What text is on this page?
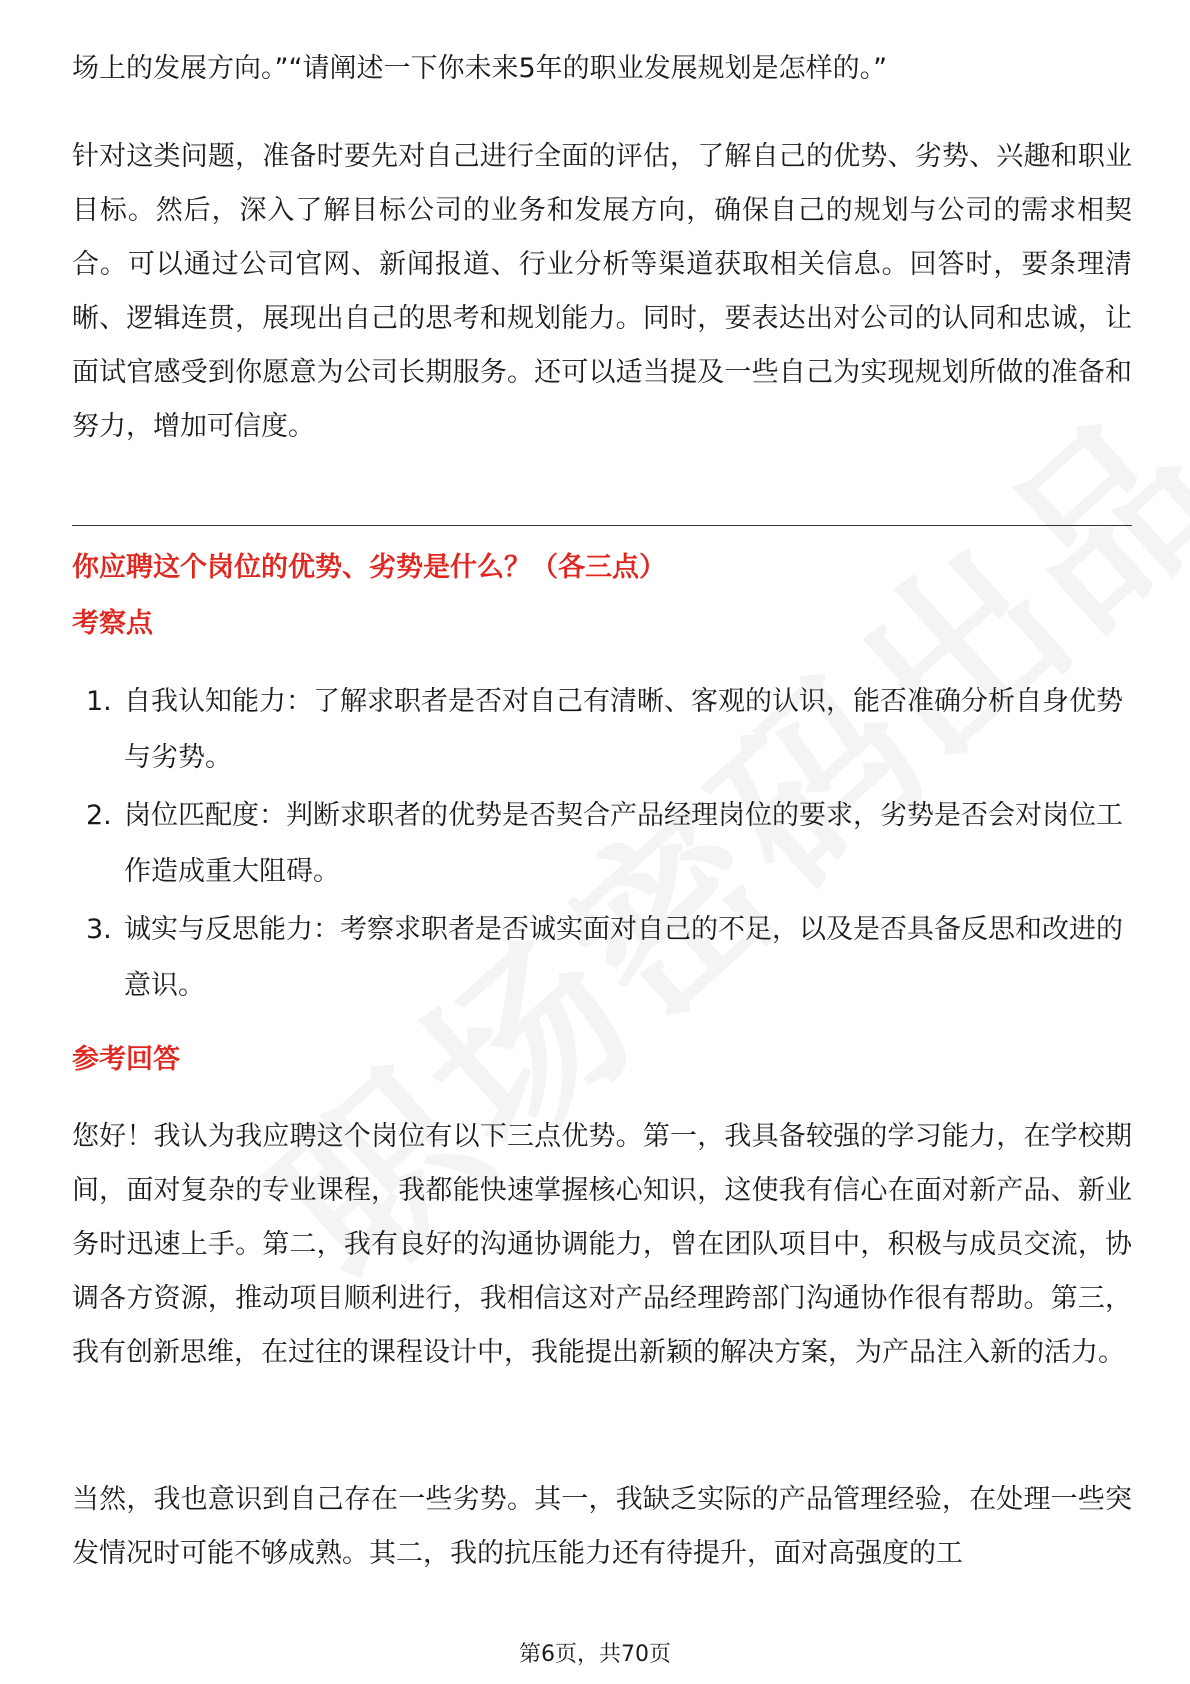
场上的发展方向。”“请阐述一下你未来5年的职业发展规划是怎样的。”

针对这类问题，准备时要先对自己进行全面的评估，了解自己的优势、劣势、兴趣和职业目标。然后，深入了解目标公司的业务和发展方向，确保自己的规划与公司的需求相契合。可以通过公司官网、新闻报道、行业分析等渠道获取相关信息。回答时，要条理清晰、逻辑连贯，展现出自己的思考和规划能力。同时，要表达出对公司的认同和忠诚，让面试官感受到你愿意为公司长期服务。还可以适当提及一些自己为实现规划所做的准备和努力，增加可信度。

你应聘这个岗位的优势、劣势是什么？（各三点）
考察点
1. 自我认知能力：了解求职者是否对自己有清晰、客观的认识，能否准确分析自身优势与劣势。
2. 岗位匹配度：判断求职者的优势是否契合产品经理岗位的要求，劣势是否会对岗位工作造成重大阻碍。
3. 诚实与反思能力：考察求职者是否诚实面对自己的不足，以及是否具备反思和改进的意识。
参考回答

您好！我认为我应聘这个岗位有以下三点优势。第一，我具备较强的学习能力，在学校期间，面对复杂的专业课程，我都能快速掌握核心知识，这使我有信心在面对新产品、新业务时迅速上手。第二，我有良好的沟通协调能力，曾在团队项目中，积极与成员交流，协调各方资源，推动项目顺利进行，我相信这对产品经理跨部门沟通协作很有帮助。第三，我有创新思维，在过往的课程设计中，我能提出新颖的解决方案，为产品注入新的活力。

当然，我也意识到自己存在一些劣势。其一，我缺乏实际的产品管理经验，在处理一些突发情况时可能不够成熟。其二，我的抗压能力还有待提升，面对高强度的工

第6页，共70页
